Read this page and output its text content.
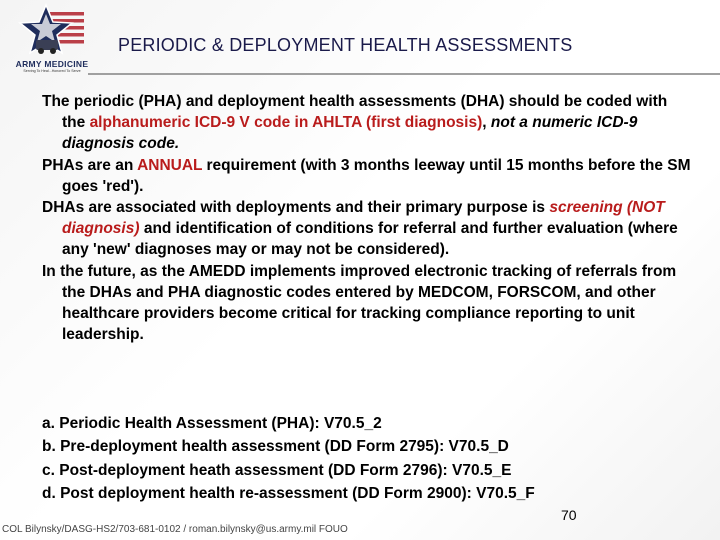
ARMY MEDICINE
Serving To Heal...Honored To Serve
PERIODIC & DEPLOYMENT HEALTH ASSESSMENTS

The periodic (PHA) and deployment health assessments (DHA) should be coded with the alphanumeric ICD-9 V code in AHLTA (first diagnosis), not a numeric ICD-9 diagnosis code.

PHAs are an ANNUAL requirement (with 3 months leeway until 15 months before the SM goes 'red').

DHAs are associated with deployments and their primary purpose is screening (NOT diagnosis) and identification of conditions for referral and further evaluation (where any 'new' diagnoses may or may not be considered).

In the future, as the AMEDD implements improved electronic tracking of referrals from the DHAs and PHA diagnostic codes entered by MEDCOM, FORSCOM, and other healthcare providers become critical for tracking compliance reporting to unit leadership.

a. Periodic Health Assessment (PHA): V70.5_2
b. Pre-deployment health assessment (DD Form 2795): V70.5_D
c. Post-deployment heath assessment (DD Form 2796): V70.5_E
d. Post deployment health re-assessment (DD Form 2900): V70.5_F
70
COL Bilynsky/DASG-HS2/703-681-0102 / roman.bilynsky@us.army.mil FOUO
